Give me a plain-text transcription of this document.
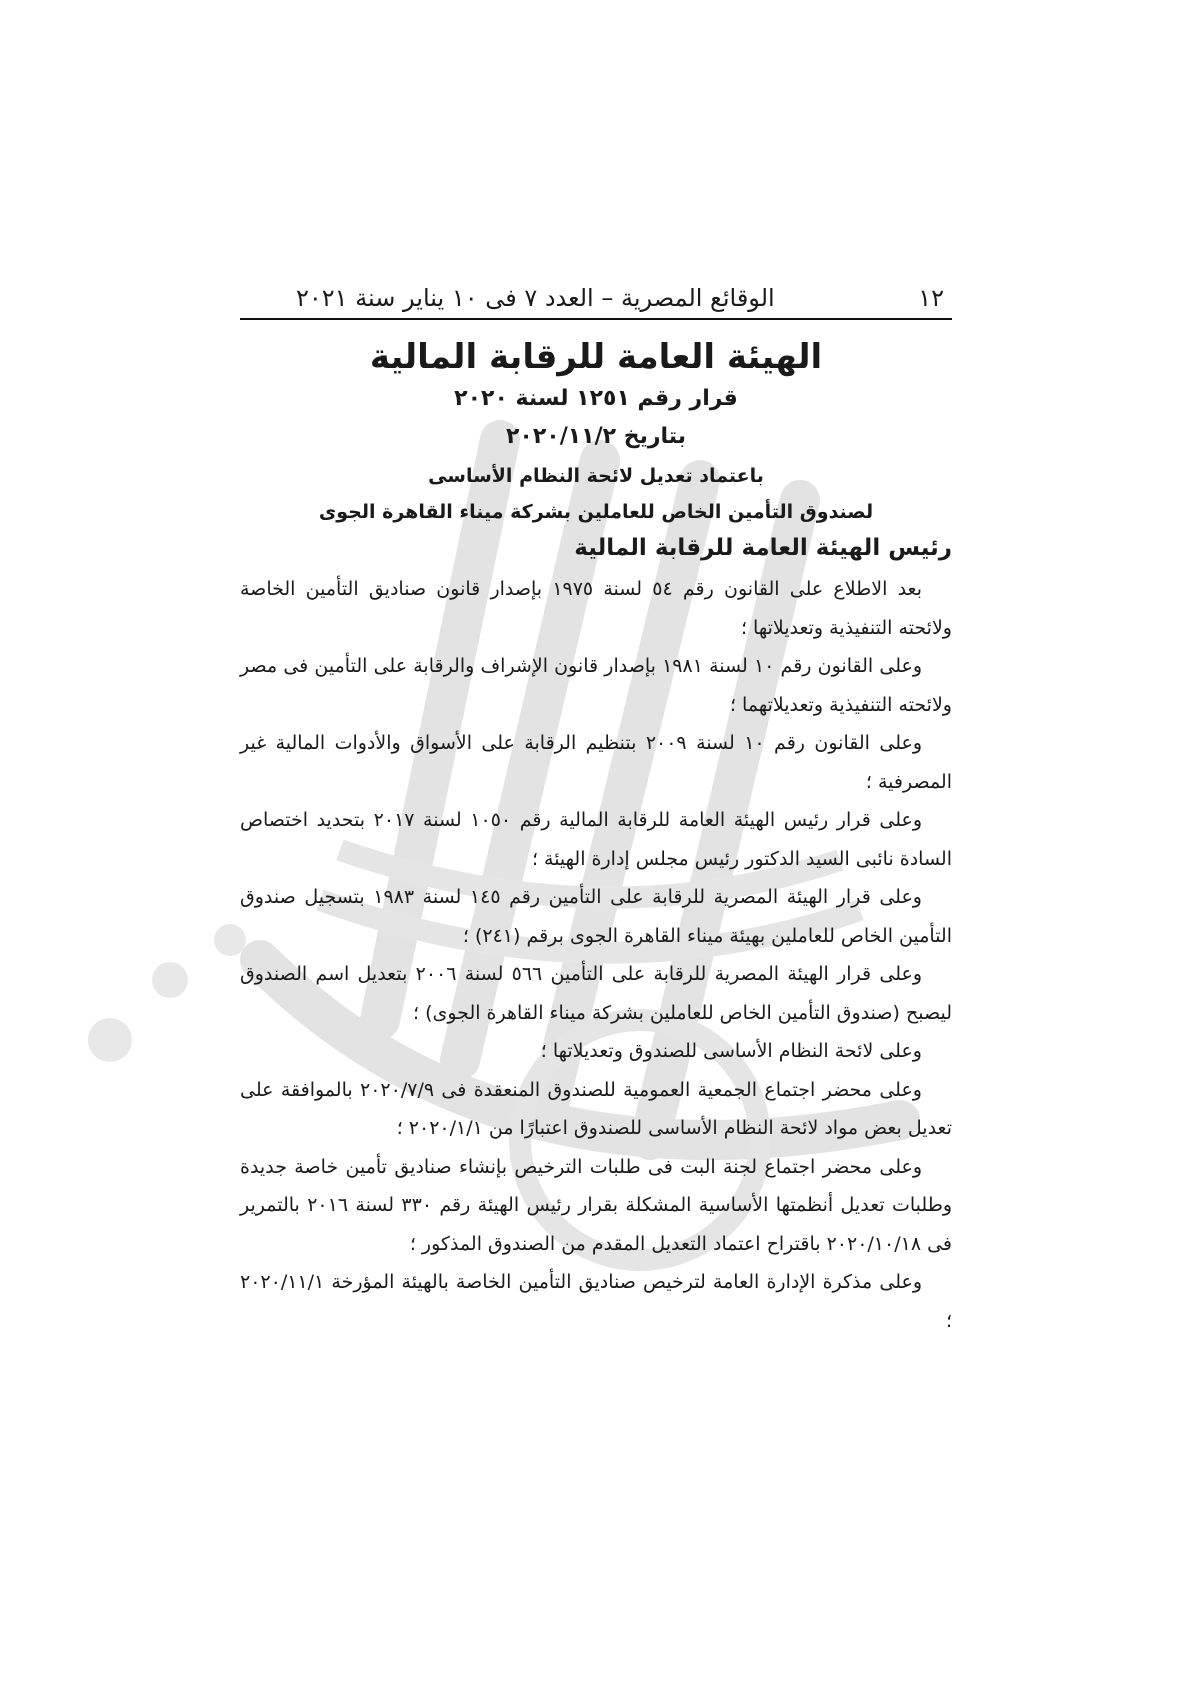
١٢
الوقائع المصرية – العدد ٧ فى ١٠ يناير سنة ٢٠٢١
الهيئة العامة للرقابة المالية
قرار رقم ١٢٥١ لسنة ٢٠٢٠
بتاريخ ٢٠٢٠/١١/٢
باعتماد تعديل لائحة النظام الأساسى
لصندوق التأمين الخاص للعاملين بشركة ميناء القاهرة الجوى
رئيس الهيئة العامة للرقابة المالية

بعد الاطلاع على القانون رقم ٥٤ لسنة ١٩٧٥ بإصدار قانون صناديق التأمين الخاصة ولائحته التنفيذية وتعديلاتها ؛

وعلى القانون رقم ١٠ لسنة ١٩٨١ بإصدار قانون الإشراف والرقابة على التأمين فى مصر ولائحته التنفيذية وتعديلاتهما ؛

وعلى القانون رقم ١٠ لسنة ٢٠٠٩ بتنظيم الرقابة على الأسواق والأدوات المالية غير المصرفية ؛

وعلى قرار رئيس الهيئة العامة للرقابة المالية رقم ١٠٥٠ لسنة ٢٠١٧ بتحديد اختصاص السادة نائبى السيد الدكتور رئيس مجلس إدارة الهيئة ؛

وعلى قرار الهيئة المصرية للرقابة على التأمين رقم ١٤٥ لسنة ١٩٨٣ بتسجيل صندوق التأمين الخاص للعاملين بهيئة ميناء القاهرة الجوى برقم (٢٤١) ؛

وعلى قرار الهيئة المصرية للرقابة على التأمين ٥٦٦ لسنة ٢٠٠٦ بتعديل اسم الصندوق ليصبح (صندوق التأمين الخاص للعاملين بشركة ميناء القاهرة الجوى) ؛

وعلى لائحة النظام الأساسى للصندوق وتعديلاتها ؛

وعلى محضر اجتماع الجمعية العمومية للصندوق المنعقدة فى ٢٠٢٠/٧/٩ بالموافقة على تعديل بعض مواد لائحة النظام الأساسى للصندوق اعتبارًا من ٢٠٢٠/١/١ ؛

وعلى محضر اجتماع لجنة البت فى طلبات الترخيص بإنشاء صناديق تأمين خاصة جديدة وطلبات تعديل أنظمتها الأساسية المشكلة بقرار رئيس الهيئة رقم ٣٣٠ لسنة ٢٠١٦ بالتمرير فى ٢٠٢٠/١٠/١٨ باقتراح اعتماد التعديل المقدم من الصندوق المذكور ؛

وعلى مذكرة الإدارة العامة لترخيص صناديق التأمين الخاصة بالهيئة المؤرخة ٢٠٢٠/١١/١ ؛
